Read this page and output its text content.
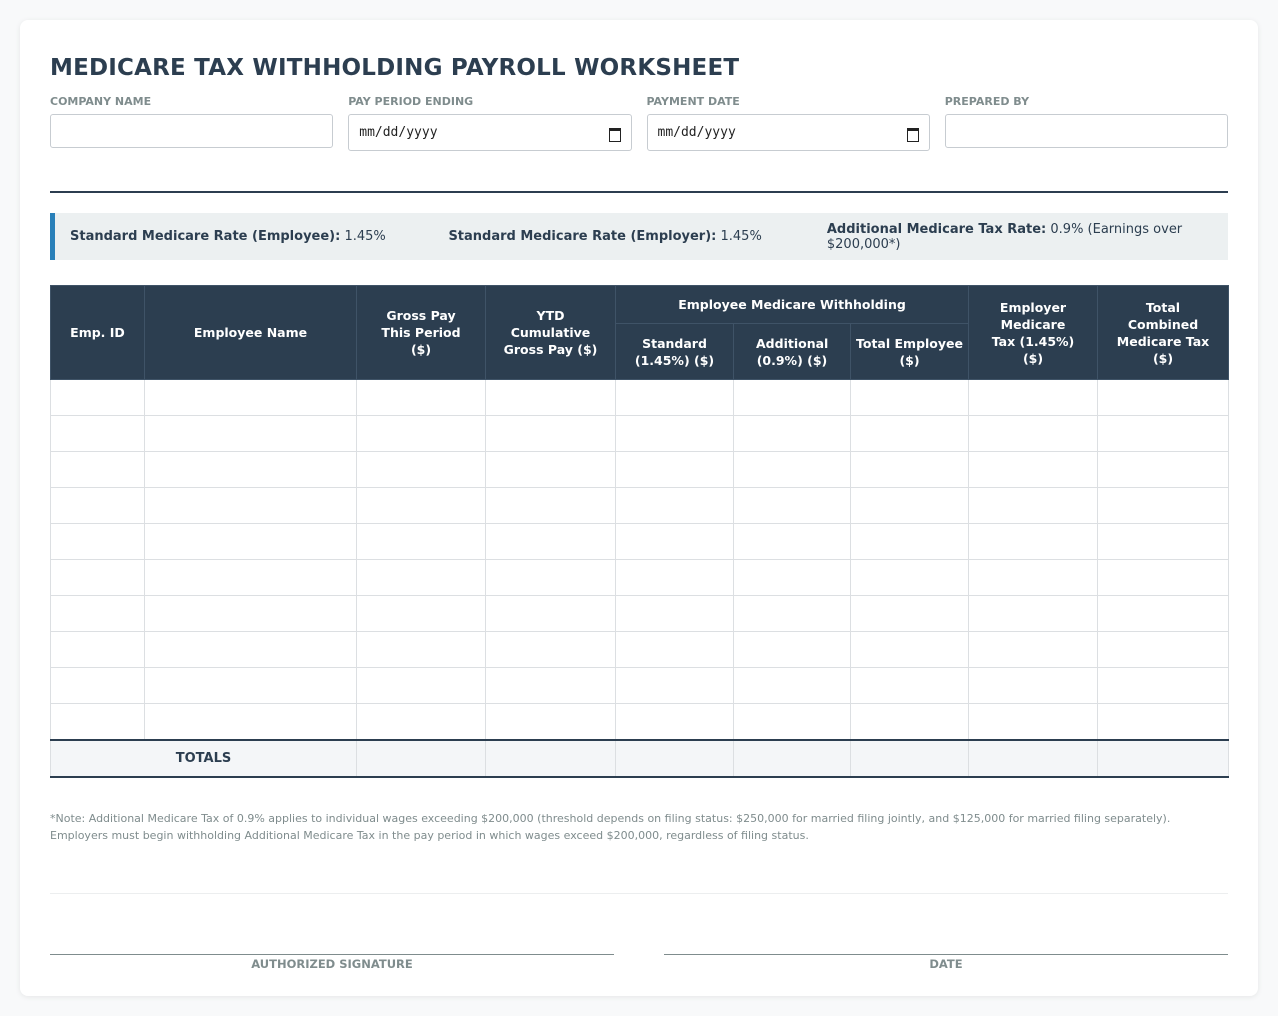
MEDICARE TAX WITHHOLDING PAYROLL WORKSHEET
COMPANY NAME	PAY PERIOD ENDING
mm/dd/yyyy
PAYMENT DATE
mm/dd/yyyy
PREPARED BY
Standard Medicare Rate (Employee): 1.45%	Standard Medicare Rate (Employer): 1.45%	Additional Medicare Tax Rate: 0.9% (Earnings over $200,000*)
Emp. ID	Employee Name	Gross Pay This Period ($)	YTD Cumulative Gross Pay ($)	Employee Medicare Withholding			Employer Medicare Tax (1.45%) ($)	Total Combined Medicare Tax ($)
				Standard (1.45%) ($)	Additional (0.9%) ($)	Total Employee ($)		

TOTALS								
*Note: Additional Medicare Tax of 0.9% applies to individual wages exceeding $200,000 (threshold depends on filing status: $250,000 for married filing jointly, and $125,000 for married filing separately). Employers must begin withholding Additional Medicare Tax in the pay period in which wages exceed $200,000, regardless of filing status.
AUTHORIZED SIGNATURE	DATE
